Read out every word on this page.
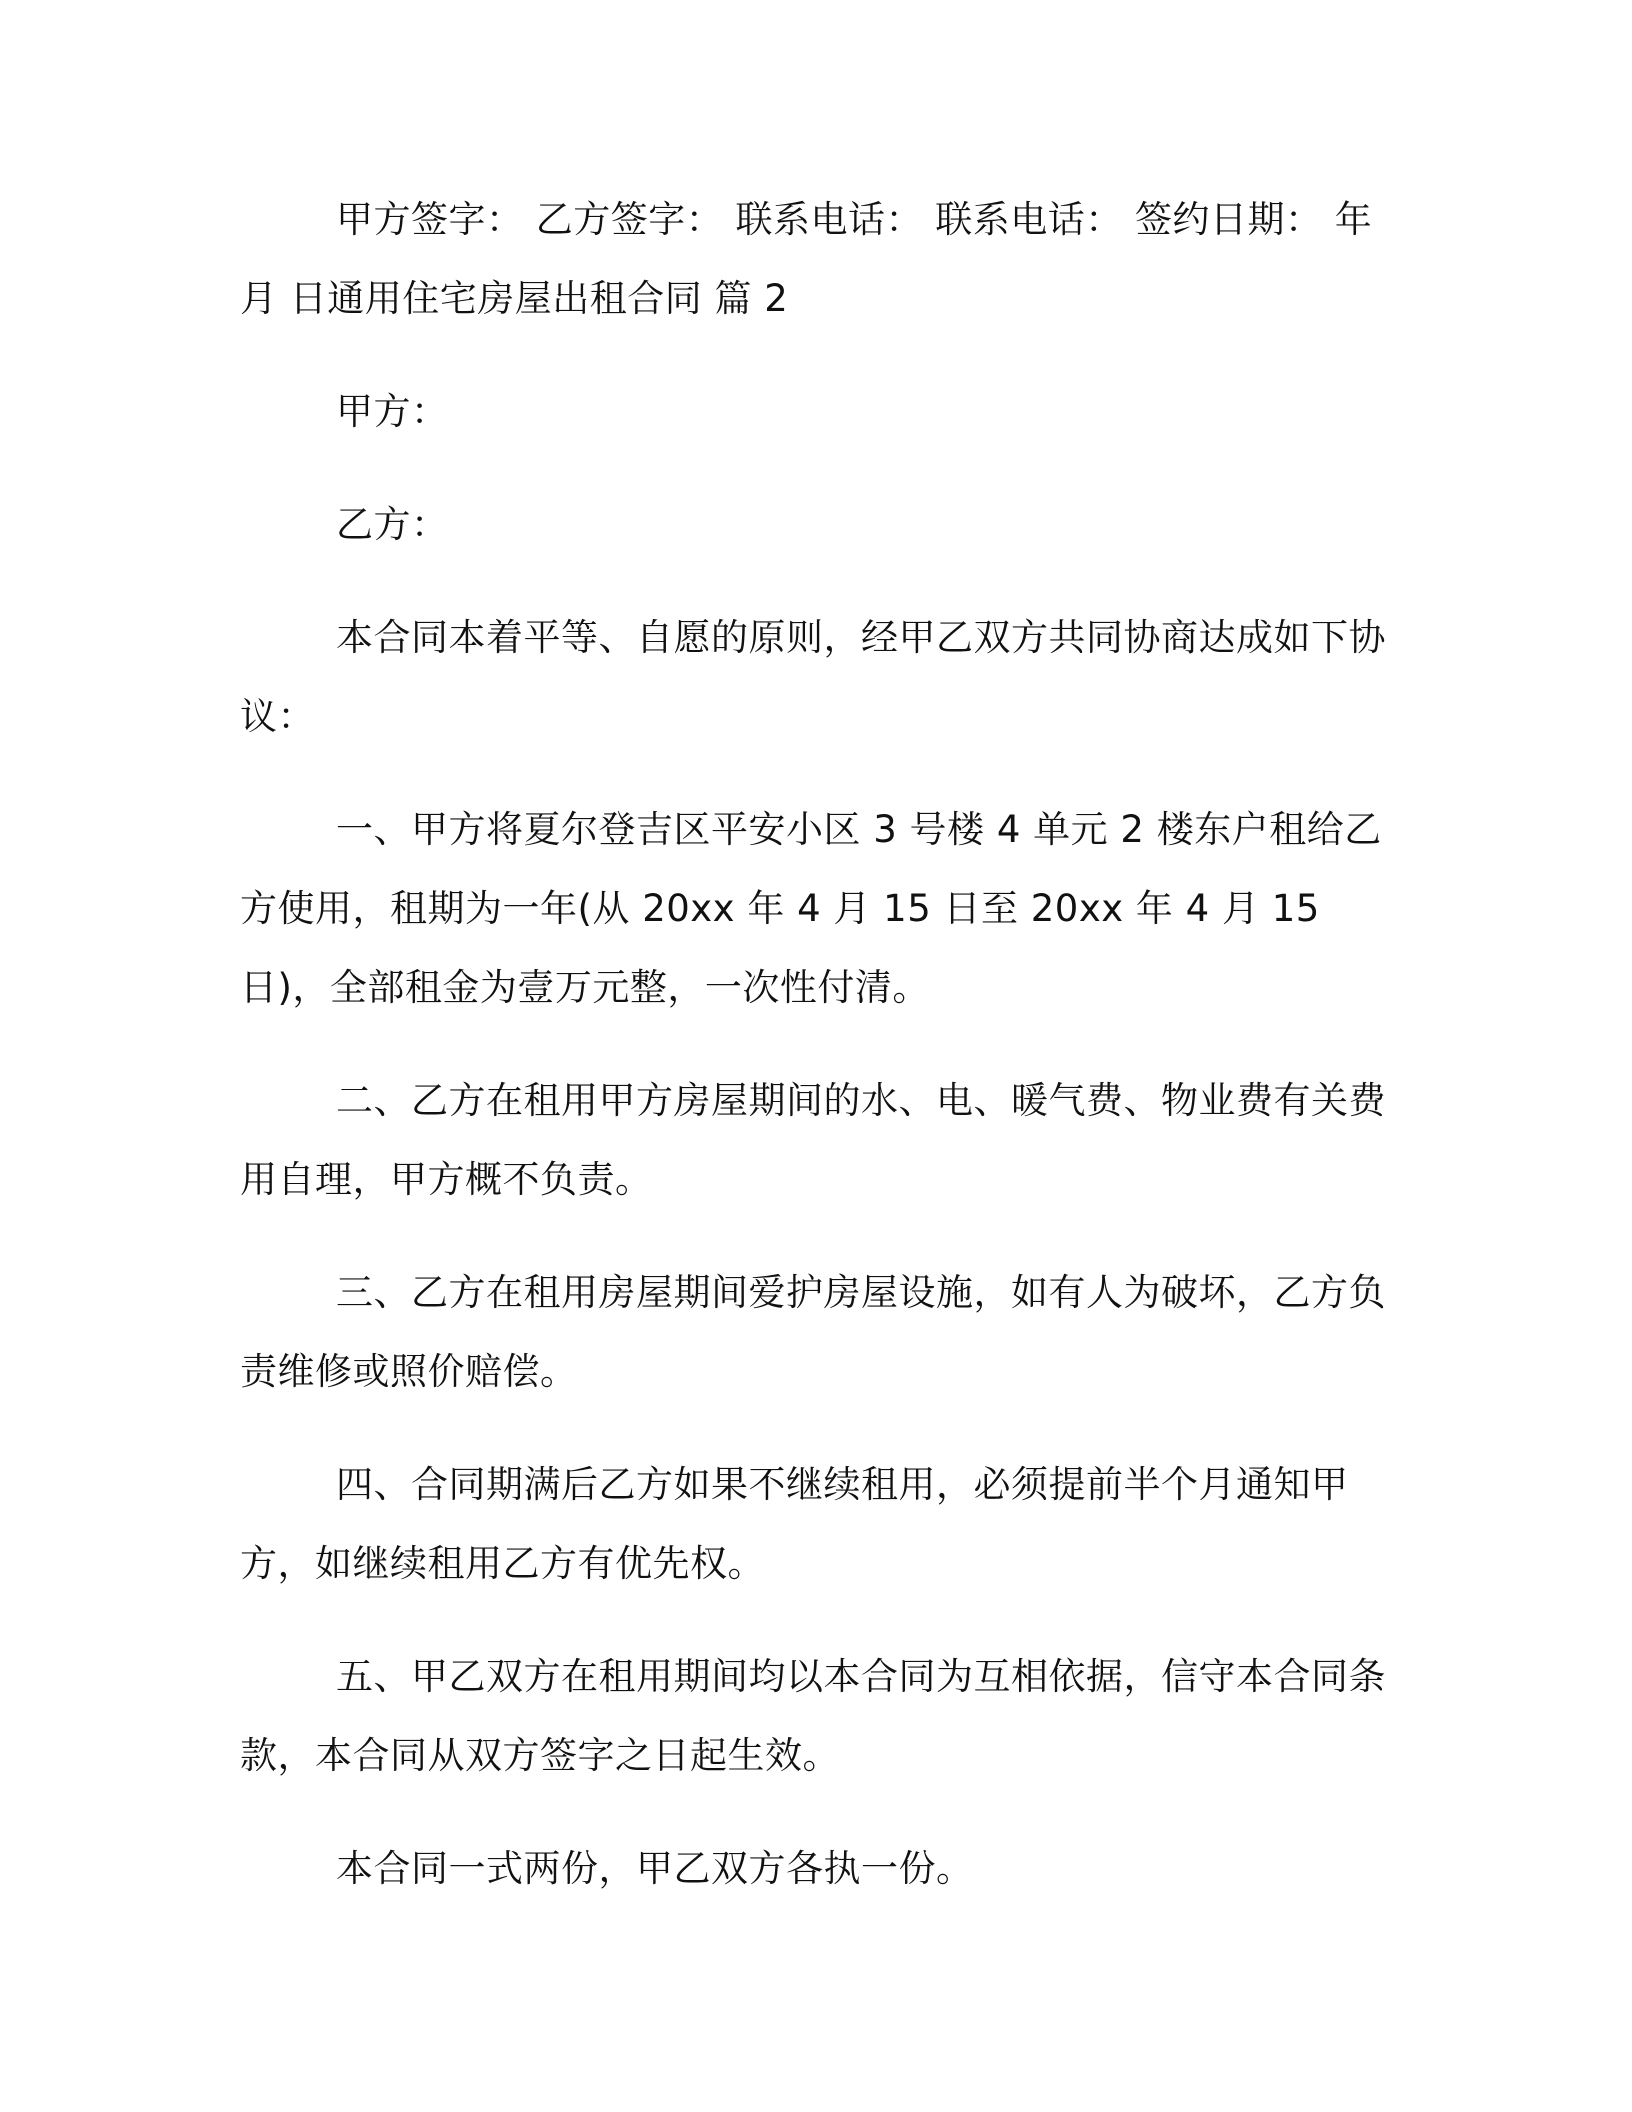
甲方签字： 乙方签字： 联系电话： 联系电话： 签约日期： 年 月 日通用住宅房屋出租合同 篇 2

甲方：

乙方：

本合同本着平等、自愿的原则，经甲乙双方共同协商达成如下协议：

一、甲方将夏尔登吉区平安小区 3 号楼 4 单元 2 楼东户租给乙方使用，租期为一年(从 20xx 年 4 月 15 日至 20xx 年 4 月 15 日)，全部租金为壹万元整，一次性付清。

二、乙方在租用甲方房屋期间的水、电、暖气费、物业费有关费用自理，甲方概不负责。

三、乙方在租用房屋期间爱护房屋设施，如有人为破坏，乙方负责维修或照价赔偿。

四、合同期满后乙方如果不继续租用，必须提前半个月通知甲方，如继续租用乙方有优先权。

五、甲乙双方在租用期间均以本合同为互相依据，信守本合同条款，本合同从双方签字之日起生效。

本合同一式两份，甲乙双方各执一份。
